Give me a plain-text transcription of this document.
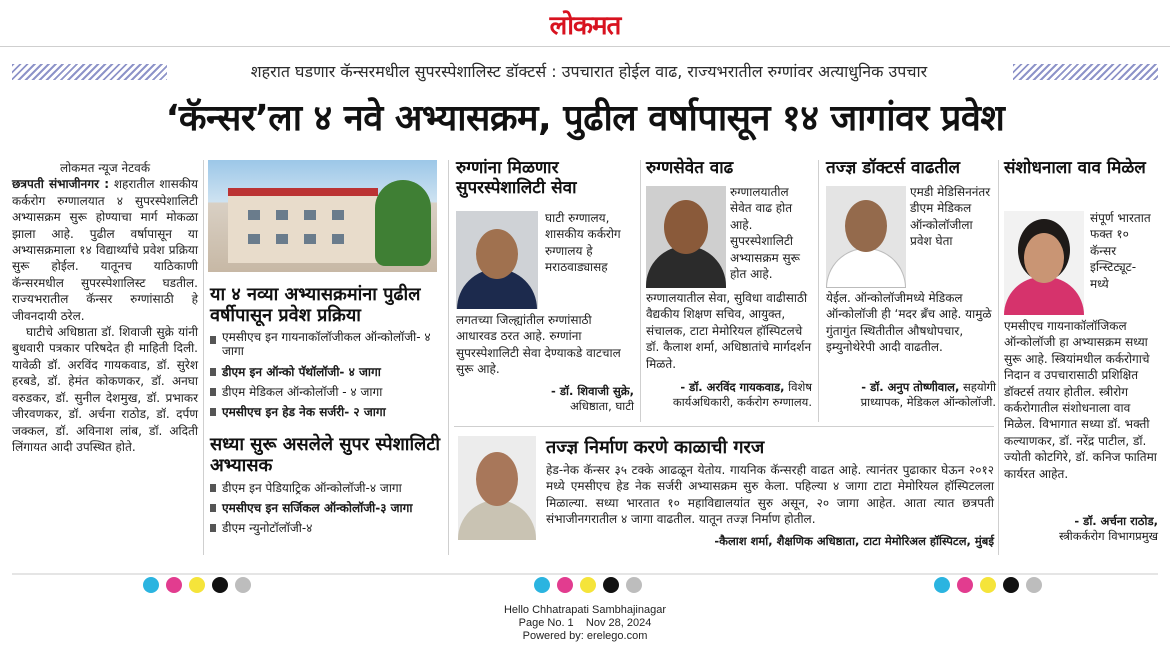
लोकमत
शहरात घडणार कॅन्सरमधील सुपरस्पेशालिस्ट डॉक्टर्स : उपचारात होईल वाढ, राज्यभरातील रुग्णांवर अत्याधुनिक उपचार
‘कॅन्सर’ला ४ नवे अभ्यासक्रम, पुढील वर्षापासून १४ जागांवर प्रवेश
लोकमत न्यूज नेटवर्क

छत्रपती संभाजीनगर : शहरातील शासकीय कर्करोग रुग्णालयात ४ सुपरस्पेशालिटी अभ्यासक्रम सुरू होण्याचा मार्ग मोकळा झाला आहे. पुढील वर्षापासून या अभ्यासक्रमाला १४ विद्यार्थ्यांचे प्रवेश प्रक्रिया सुरू होईल. यातूनच याठिकाणी कॅन्सरमधील सुपरस्पेशालिस्ट घडतील. राज्यभरातील कॅन्सर रुग्णांसाठी हे जीवनदायी ठरेल.

घाटीचे अधिष्ठाता डॉ. शिवाजी सुक्रे यांनी बुधवारी पत्रकार परिषदेत ही माहिती दिली. यावेळी डॉ. अरविंद गायकवाड, डॉ. सुरेश हरबडे, डॉ. हेमंत कोकणकर, डॉ. अनघा वरुडकर, डॉ. सुनील देशमुख, डॉ. प्रभाकर जीरवणकर, डॉ. अर्चना राठोड, डॉ. दर्पण जक्कल, डॉ. अविनाश लांब, डॉ. अदिती लिंगायत आदी उपस्थित होते.

या ४ नव्या अभ्यासक्रमांना पुढील वर्षीपासून प्रवेश प्रक्रिया
एमसीएच इन गायनाकॉलॉजीकल ऑन्कोलॉजी- ४ जागा
डीएम इन ऑन्को पॅथॉलॉजी- ४ जागा
डीएम मेडिकल ऑन्कोलॉजी - ४ जागा
एमसीएच इन हेड नेक सर्जरी- २ जागा
सध्या सुरू असलेले सुपर स्पेशालिटी अभ्यासक
डीएम इन पेडियाट्रिक ऑन्कोलॉजी-४ जागा
एमसीएच इन सर्जिकल ऑन्कोलॉजी-३ जागा
डीएम न्युनोटॉलॉजी-४
रुग्णांना मिळणार सुपरस्पेशालिटी सेवा
घाटी रुग्णालय, शासकीय कर्करोग रुग्णालय हे मराठवाड्यासह
लगतच्या जिल्ह्यांतील रुग्णांसाठी आधारवड ठरत आहे. रुग्णांना सुपरस्पेशालिटी सेवा देण्याकडे वाटचाल सुरू आहे.
- डॉ. शिवाजी सुक्रे,
अधिष्ठाता, घाटी
रुग्णसेवेत वाढ
रुग्णालयातील सेवेत वाढ होत आहे. सुपरस्पेशालिटी अभ्यासक्रम सुरू होत आहे.
रुग्णालयातील सेवा, सुविधा वाढीसाठी वैद्यकीय शिक्षण सचिव, आयुक्त, संचालक, टाटा मेमोरियल हॉस्पिटलचे डॉ. कैलाश शर्मा, अधिष्ठातांचे मार्गदर्शन मिळते.
- डॉ. अरविंद गायकवाड, विशेष कार्यअधिकारी, कर्करोग रुग्णालय.
तज्ज्ञ डॉक्टर्स वाढतील
एमडी मेडिसिननंतर डीएम मेडिकल ऑन्कोलॉजीला प्रवेश घेता
येईल. ऑन्कोलॉजीमध्ये मेडिकल ऑन्कोलॉजी ही ‘मदर ब्रँच आहे. यामुळे गुंतागुंत स्थितीतील औषधोपचार, इम्युनोथेरेपी आदी वाढतील.
- डॉ. अनुप तोष्णीवाल, सहयोगी प्राध्यापक, मेडिकल ऑन्कोलॉजी.
संशोधनाला वाव मिळेल
संपूर्ण भारतात फक्त १० कॅन्सर इन्स्टिट्यूट- मध्ये
एमसीएच गायनाकॉलॉजिकल ऑन्कोलॉजी हा अभ्यासक्रम सध्या सुरू आहे. स्त्रियांमधील कर्करोगाचे निदान व उपचारासाठी प्रशिक्षित डॉक्टर्स तयार होतील. स्त्रीरोग कर्करोगातील संशोधनाला वाव मिळेल. विभागात सध्या डॉ. भक्ती कल्याणकर, डॉ. नरेंद्र पाटील, डॉ. ज्योती कोटगिरे, डॉ. कनिज फातिमा कार्यरत आहेत.
- डॉ. अर्चना राठोड,
स्त्रीकर्करोग विभागप्रमुख
तज्ज्ञ निर्माण करणे काळाची गरज
हेड-नेक कॅन्सर ३५ टक्के आढळून येतोय. गायनिक कॅन्सरही वाढत आहे. त्यानंतर पुढाकार घेऊन २०१२ मध्ये एमसीएच हेड नेक सर्जरी अभ्यासक्रम सुरु केला. पहिल्या ४ जागा टाटा मेमोरियल हॉस्पिटलला मिळाल्या. सध्या भारतात १० महाविद्यालयांत सुरु असून, २० जागा आहेत. आता त्यात छत्रपती संभाजीनगरातील ४ जागा वाढतील. यातून तज्ज्ञ निर्माण होतील.
-कैलाश शर्मा, शैक्षणिक अधिष्ठाता, टाटा मेमोरिअल हॉस्पिटल, मुंबई
Hello Chhatrapati Sambhajinagar
Page No. 1    Nov 28, 2024
Powered by: erelego.com
